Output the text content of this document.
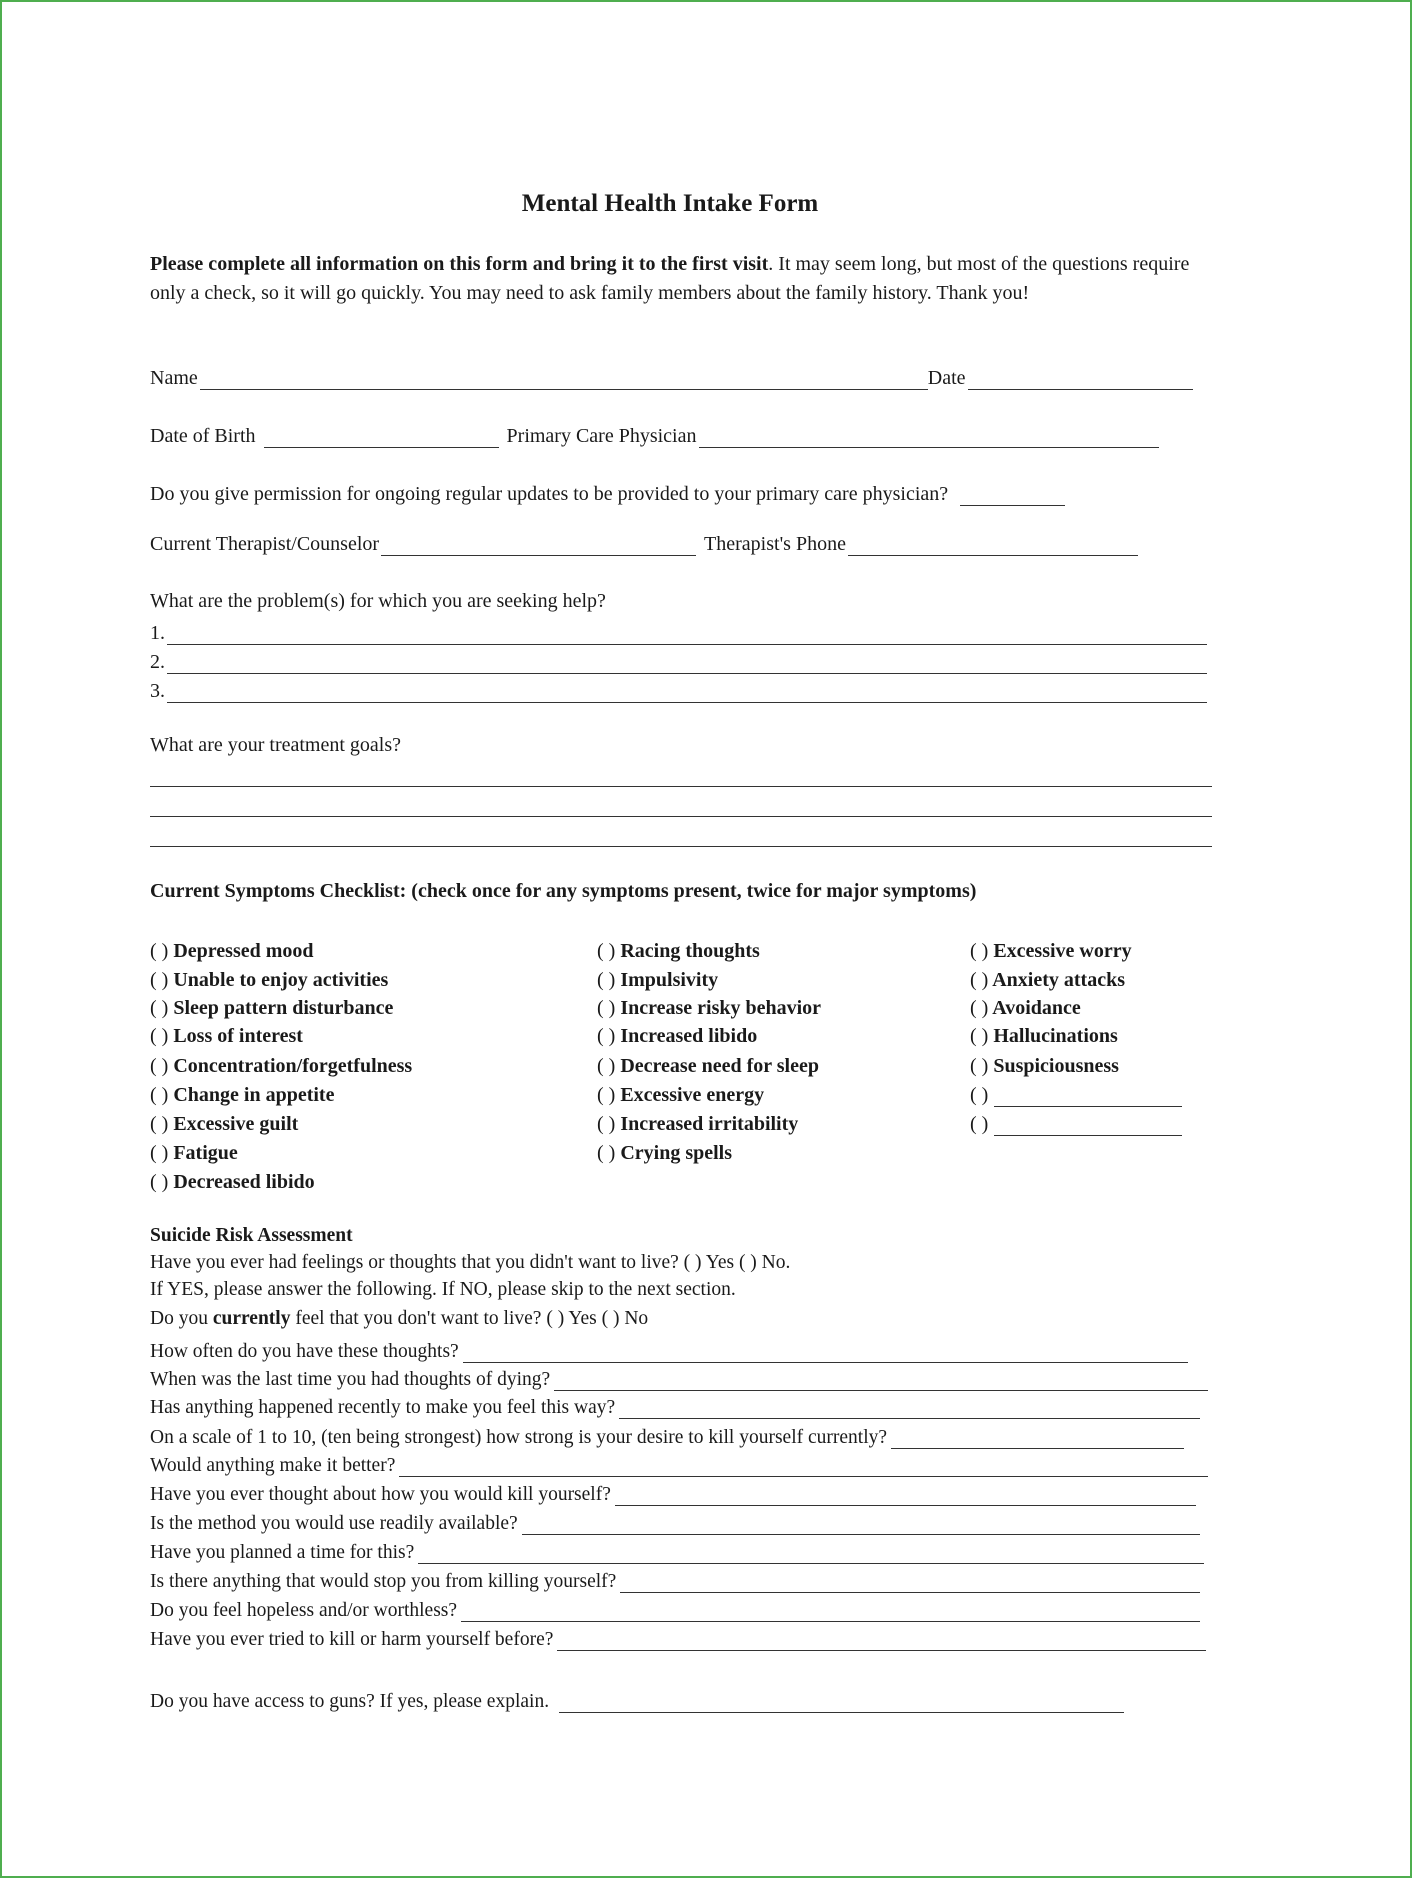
Mental Health Intake Form
Please complete all information on this form and bring it to the first visit. It may seem long, but most of the questions require only a check, so it will go quickly. You may need to ask family members about the family history. Thank you!
Name	Date
Date of Birth	Primary Care Physician
Do you give permission for ongoing regular updates to be provided to your primary care physician?
Current Therapist/Counselor	Therapist's Phone
What are the problem(s) for which you are seeking help?
1.
2.
3.
What are your treatment goals?
Current Symptoms Checklist: (check once for any symptoms present, twice for major symptoms)
( ) Depressed mood
( ) Unable to enjoy activities
( ) Sleep pattern disturbance
( ) Loss of interest
( ) Concentration/forgetfulness
( ) Change in appetite
( ) Excessive guilt
( ) Fatigue
( ) Decreased libido
( ) Racing thoughts
( ) Impulsivity
( ) Increase risky behavior
( ) Increased libido
( ) Decrease need for sleep
( ) Excessive energy
( ) Increased irritability
( ) Crying spells
( ) Excessive worry
( ) Anxiety attacks
( ) Avoidance
( ) Hallucinations
( ) Suspiciousness
( )
( )
Suicide Risk Assessment
Have you ever had feelings or thoughts that you didn't want to live? ( ) Yes ( ) No.
If YES, please answer the following. If NO, please skip to the next section.
Do you currently feel that you don't want to live? ( ) Yes ( ) No
How often do you have these thoughts?
When was the last time you had thoughts of dying?
Has anything happened recently to make you feel this way?
On a scale of 1 to 10, (ten being strongest) how strong is your desire to kill yourself currently?
Would anything make it better?
Have you ever thought about how you would kill yourself?
Is the method you would use readily available?
Have you planned a time for this?
Is there anything that would stop you from killing yourself?
Do you feel hopeless and/or worthless?
Have you ever tried to kill or harm yourself before?
Do you have access to guns? If yes, please explain.
